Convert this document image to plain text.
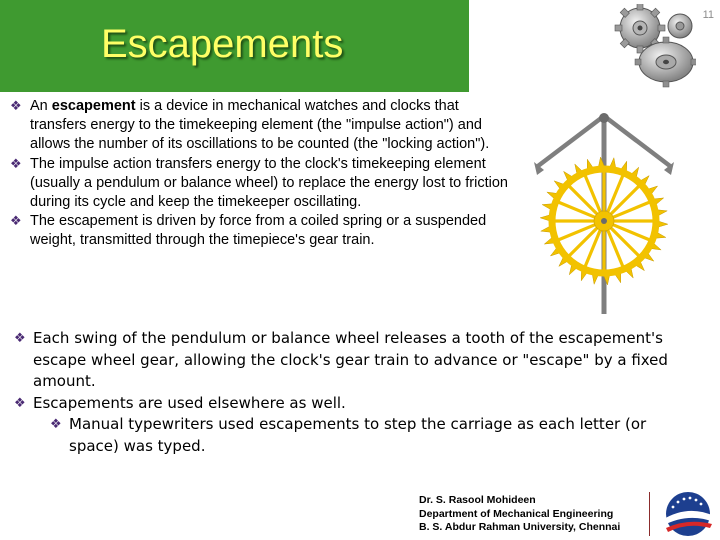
Escapements
11
❖ An escapement is a device in mechanical watches and clocks that transfers energy to the timekeeping element (the "impulse action") and allows the number of its oscillations to be counted (the "locking action").
❖ The impulse action transfers energy to the clock's timekeeping element (usually a pendulum or balance wheel) to replace the energy lost to friction during its cycle and keep the timekeeper oscillating.
❖ The escapement is driven by force from a coiled spring or a suspended weight, transmitted through the timepiece's gear train.
❖ Each swing of the pendulum or balance wheel releases a tooth of the escapement's escape wheel gear, allowing the clock's gear train to advance or "escape" by a fixed amount.
❖ Escapements are used elsewhere as well.
❖ Manual typewriters used escapements to step the carriage as each letter (or space) was typed.
Dr. S. Rasool Mohideen
Department of Mechanical Engineering
B. S. Abdur Rahman University, Chennai
